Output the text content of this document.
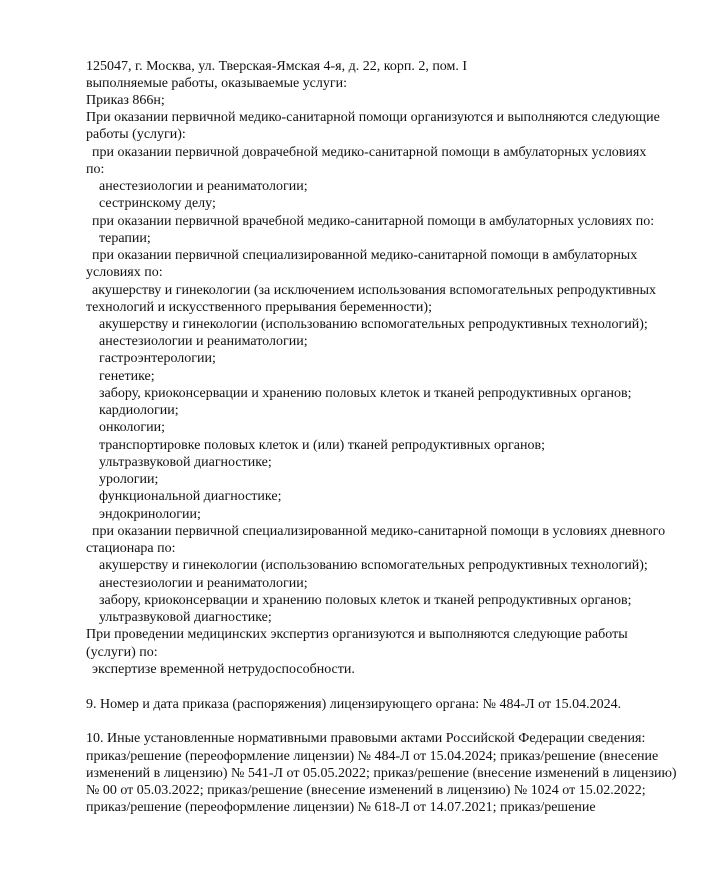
125047, г. Москва, ул. Тверская-Ямская 4-я, д. 22, корп. 2, пом. I
выполняемые работы, оказываемые услуги:
Приказ 866н;
При оказании первичной медико-санитарной помощи организуются и выполняются следующие
работы (услуги):
при оказании первичной доврачебной медико-санитарной помощи в амбулаторных условиях
по:
анестезиологии и реаниматологии;
сестринскому делу;
при оказании первичной врачебной медико-санитарной помощи в амбулаторных условиях по:
терапии;
при оказании первичной специализированной медико-санитарной помощи в амбулаторных
условиях по:
акушерству и гинекологии (за исключением использования вспомогательных репродуктивных
технологий и искусственного прерывания беременности);
акушерству и гинекологии (использованию вспомогательных репродуктивных технологий);
анестезиологии и реаниматологии;
гастроэнтерологии;
генетике;
забору, криоконсервации и хранению половых клеток и тканей репродуктивных органов;
кардиологии;
онкологии;
транспортировке половых клеток и (или) тканей репродуктивных органов;
ультразвуковой диагностике;
урологии;
функциональной диагностике;
эндокринологии;
при оказании первичной специализированной медико-санитарной помощи в условиях дневного
стационара по:
акушерству и гинекологии (использованию вспомогательных репродуктивных технологий);
анестезиологии и реаниматологии;
забору, криоконсервации и хранению половых клеток и тканей репродуктивных органов;
ультразвуковой диагностике;
При проведении медицинских экспертиз организуются и выполняются следующие работы
(услуги) по:
экспертизе временной нетрудоспособности.
9. Номер и дата приказа (распоряжения) лицензирующего органа: № 484-Л от 15.04.2024.
10. Иные установленные нормативными правовыми актами Российской Федерации сведения:
приказ/решение (переоформление лицензии) № 484-Л от 15.04.2024; приказ/решение (внесение
изменений в лицензию) № 541-Л от 05.05.2022; приказ/решение (внесение изменений в лицензию)
№ 00 от 05.03.2022; приказ/решение (внесение изменений в лицензию) № 1024 от 15.02.2022;
приказ/решение (переоформление лицензии) № 618-Л от 14.07.2021; приказ/решение
